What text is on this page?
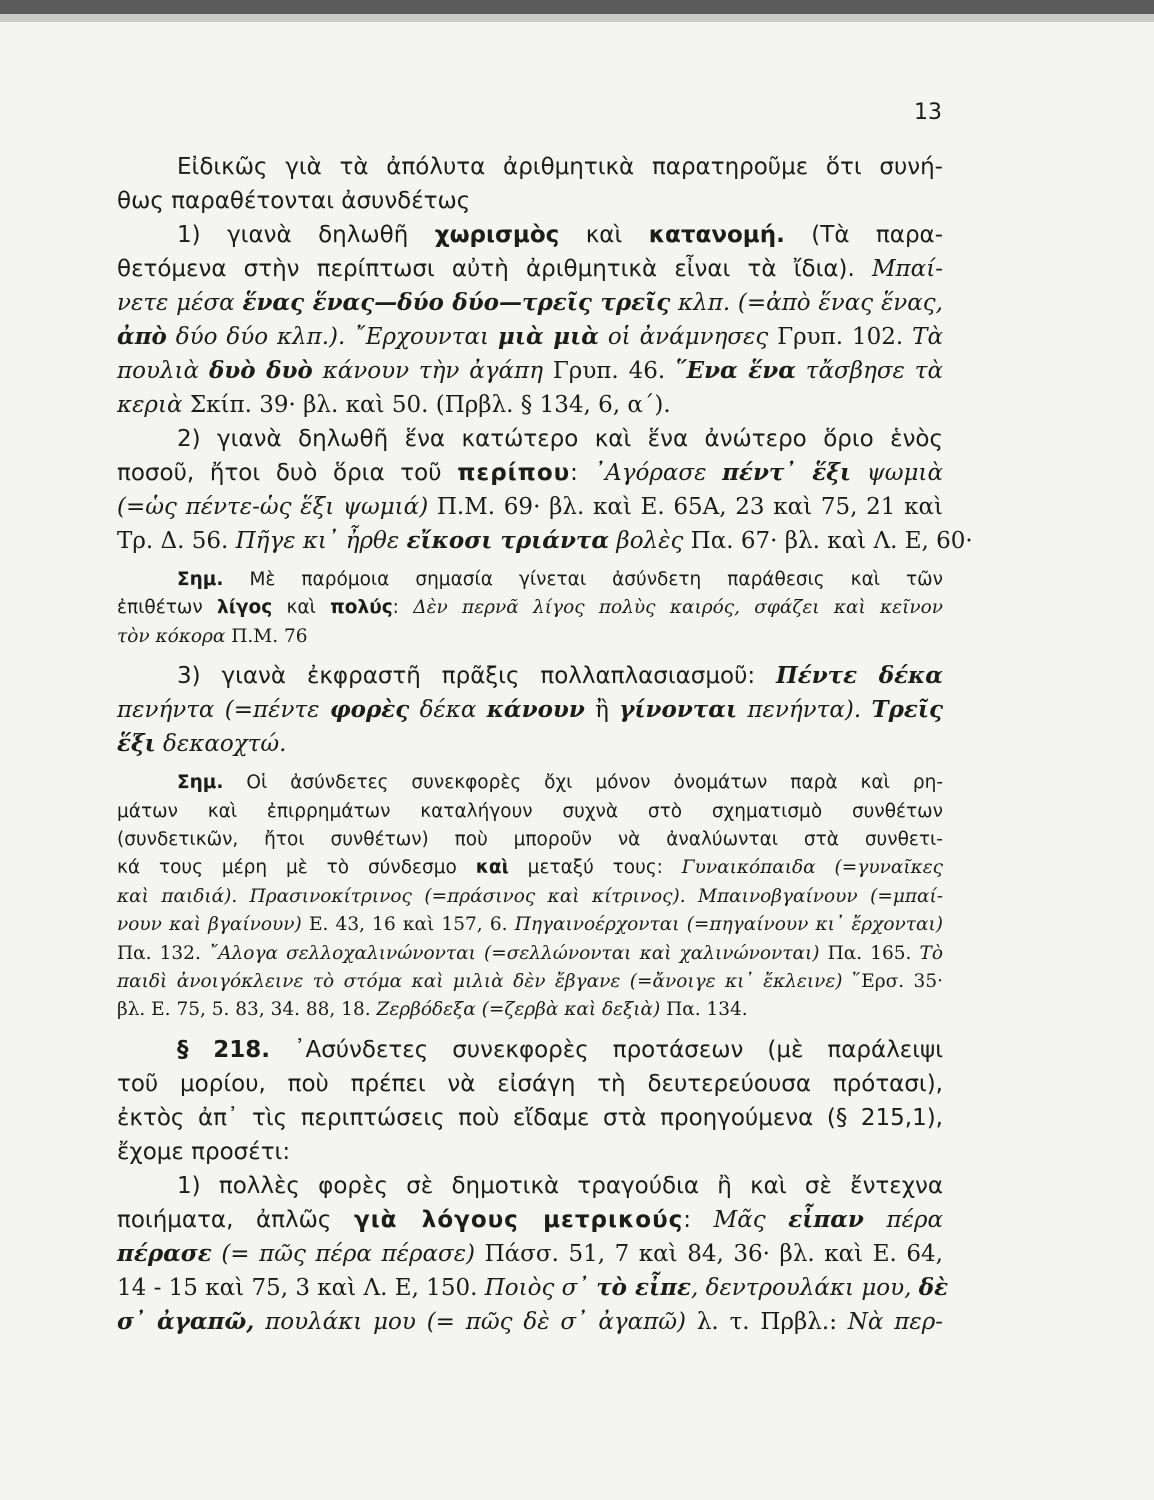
13
Εἰδικῶς γιὰ τὰ ἀπόλυτα ἀριθμητικὰ παρατηροῦμε ὅτι συνή-
θως παραθέτονται ἀσυνδέτως
1) γιανὰ δηλωθῆ χωρισμὸς καὶ κατανομή. (Τὰ παρα-
θετόμενα στὴν περίπτωσι αὐτὴ ἀριθμητικὰ εἶναι τὰ ἴδια). Μπαί-
νετε μέσα ἕνας ἕνας—δύο δύο—τρεῖς τρεῖς κλπ. (=ἀπὸ ἕνας ἕνας,
ἀπὸ δύο δύο κλπ.). ῎Ερχουνται μιὰ μιὰ οἱ ἀνάμνησες Γρυπ. 102. Τὰ
πουλιὰ δυὸ δυὸ κάνουν τὴν ἀγάπη Γρυπ. 46. ῞Ενα ἕνα τἄσβησε τὰ
κεριὰ Σκίπ. 39· βλ. καὶ 50. (Πρβλ. § 134, 6, α΄).
2) γιανὰ δηλωθῆ ἕνα κατώτερο καὶ ἕνα ἀνώτερο ὅριο ἑνὸς
ποσοῦ, ἤτοι δυὸ ὅρια τοῦ περίπου: ᾿Αγόρασε πέντ᾿ ἕξι ψωμιὰ
(=ὡς πέντε-ὡς ἕξι ψωμιά) Π.Μ. 69· βλ. καὶ Ε. 65Α, 23 καὶ 75, 21 καὶ
Τρ. Δ. 56. Πῆγε κι᾿ ἦρθε εἴκοσι τριάντα βολὲς Πα. 67· βλ. καὶ Λ. Ε, 60·
Σημ. Μὲ παρόμοια σημασία γίνεται ἀσύνδετη παράθεσις καὶ τῶν
ἐπιθέτων λίγος καὶ πολύς: Δὲν περνᾶ λίγος πολὺς καιρός, σφάζει καὶ κεῖνον
τὸν κόκορα Π.Μ. 76
3) γιανὰ ἐκφραστῆ πρᾶξις πολλαπλασιασμοῦ: Πέντε δέκα
πενήντα (=πέντε φορὲς δέκα κάνουν ἢ γίνονται πενήντα). Τρεῖς
ἕξι δεκαοχτώ.
Σημ. Οἱ ἀσύνδετες συνεκφορὲς ὄχι μόνον ὀνομάτων παρὰ καὶ ρη-
μάτων καὶ ἐπιρρημάτων καταλήγουν συχνὰ στὸ σχηματισμὸ συνθέτων
(συνδετικῶν, ἤτοι συνθέτων) ποὺ μποροῦν νὰ ἀναλύωνται στὰ συνθετι-
κά τους μέρη μὲ τὸ σύνδεσμο καὶ μεταξύ τους: Γυναικόπαιδα (=γυναῖκες
καὶ παιδιά). Πρασινοκίτρινος (=πράσινος καὶ κίτρινος). Μπαινοβγαίνουν (=μπαί-
νουν καὶ βγαίνουν) Ε. 43, 16 καὶ 157, 6. Πηγαινοέρχονται (=πηγαίνουν κι᾿ ἔρχονται)
Πα. 132. ῎Αλογα σελλοχαλινώνονται (=σελλώνονται καὶ χαλινώνονται) Πα. 165. Τὸ
παιδὶ ἀνοιγόκλεινε τὸ στόμα καὶ μιλιὰ δὲν ἔβγανε (=ἄνοιγε κι᾿ ἔκλεινε) ῞Ερσ. 35·
βλ. Ε. 75, 5. 83, 34. 88, 18. Ζερβόδεξα (=ζερβὰ καὶ δεξιὰ) Πα. 134.
§ 218. ᾿Ασύνδετες συνεκφορὲς προτάσεων (μὲ παράλειψι
τοῦ μορίου, ποὺ πρέπει νὰ εἰσάγη τὴ δευτερεύουσα πρότασι),
ἐκτὸς ἀπ᾿ τὶς περιπτώσεις ποὺ εἴδαμε στὰ προηγούμενα (§ 215,1),
ἔχομε προσέτι:
1) πολλὲς φορὲς σὲ δημοτικὰ τραγούδια ἢ καὶ σὲ ἔντεχνα
ποιήματα, ἀπλῶς γιὰ λόγους μετρικούς: Μᾶς εἶπαν πέρα
πέρασε (= πῶς πέρα πέρασε) Πάσσ. 51, 7 καὶ 84, 36· βλ. καὶ Ε. 64,
14 - 15 καὶ 75, 3 καὶ Λ. Ε, 150. Ποιὸς σ᾿ τὸ εἶπε, δεντρουλάκι μου, δὲ
σ᾿ ἀγαπῶ, πουλάκι μου (= πῶς δὲ σ᾿ ἀγαπῶ) λ. τ. Πρβλ.: Νὰ περ-
